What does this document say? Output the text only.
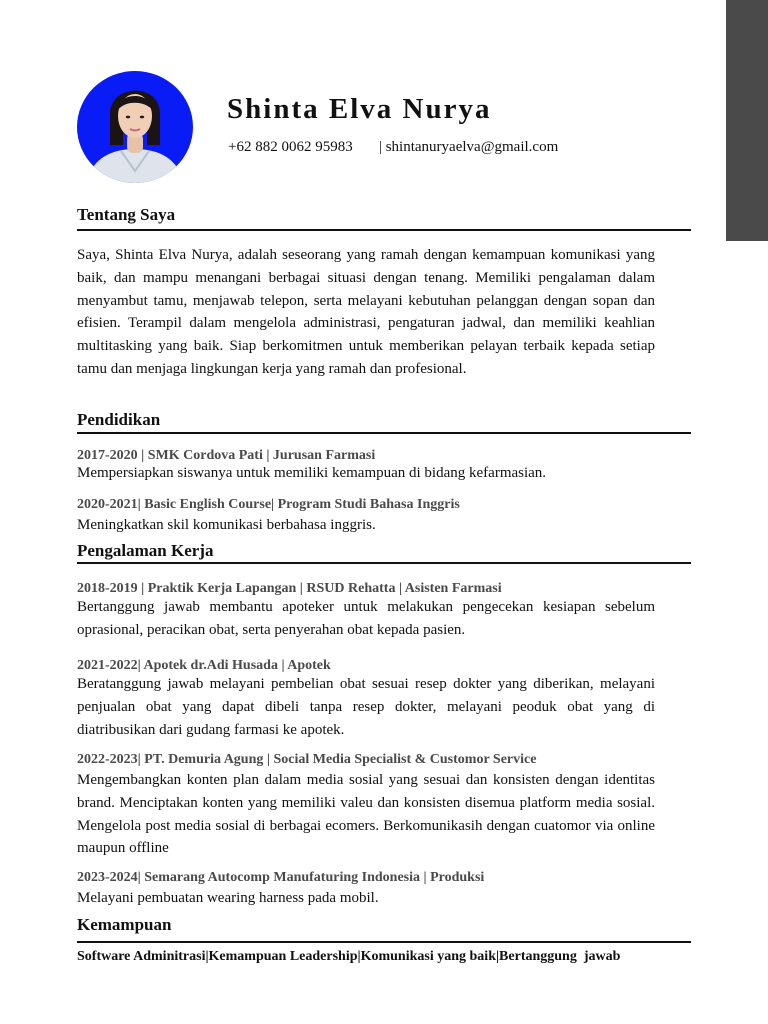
Shinta Elva Nurya
+62 882 0062 95983 | shintanuryaelva@gmail.com
Tentang Saya

Saya, Shinta Elva Nurya, adalah seseorang yang ramah dengan kemampuan komunikasi yang baik, dan mampu menangani berbagai situasi dengan tenang. Memiliki pengalaman dalam menyambut tamu, menjawab telepon, serta melayani kebutuhan pelanggan dengan sopan dan efisien. Terampil dalam mengelola administrasi, pengaturan jadwal, dan memiliki keahlian multitasking yang baik. Siap berkomitmen untuk memberikan pelayan terbaik kepada setiap tamu dan menjaga lingkungan kerja yang ramah dan profesional.

Pendidikan

2017-2020 | SMK Cordova Pati | Jurusan Farmasi

Mempersiapkan siswanya untuk memiliki kemampuan di bidang kefarmasian.

2020-2021| Basic English Course| Program Studi Bahasa Inggris

Meningkatkan skil komunikasi berbahasa inggris.

Pengalaman Kerja

2018-2019 | Praktik Kerja Lapangan | RSUD Rehatta | Asisten Farmasi

Bertanggung jawab membantu apoteker untuk melakukan pengecekan kesiapan sebelum oprasional, peracikan obat, serta penyerahan obat kepada pasien.

2021-2022| Apotek dr.Adi Husada | Apotek

Beratanggung jawab melayani pembelian obat sesuai resep dokter yang diberikan, melayani penjualan obat yang dapat dibeli tanpa resep dokter, melayani peoduk obat yang di diatribusikan dari gudang farmasi ke apotek.

2022-2023| PT. Demuria Agung | Social Media Specialist & Customor Service

Mengembangkan konten plan dalam media sosial yang sesuai dan konsisten dengan identitas brand. Menciptakan konten yang memiliki valeu dan konsisten disemua platform media sosial. Mengelola post media sosial di berbagai ecomers. Berkomunikasih dengan cuatomor via online maupun offline

2023-2024| Semarang Autocomp Manufaturing Indonesia | Produksi

Melayani pembuatan wearing harness pada mobil.

Kemampuan

Software Adminitrasi|Kemampuan Leadership|Komunikasi yang baik|Bertanggung  jawab
